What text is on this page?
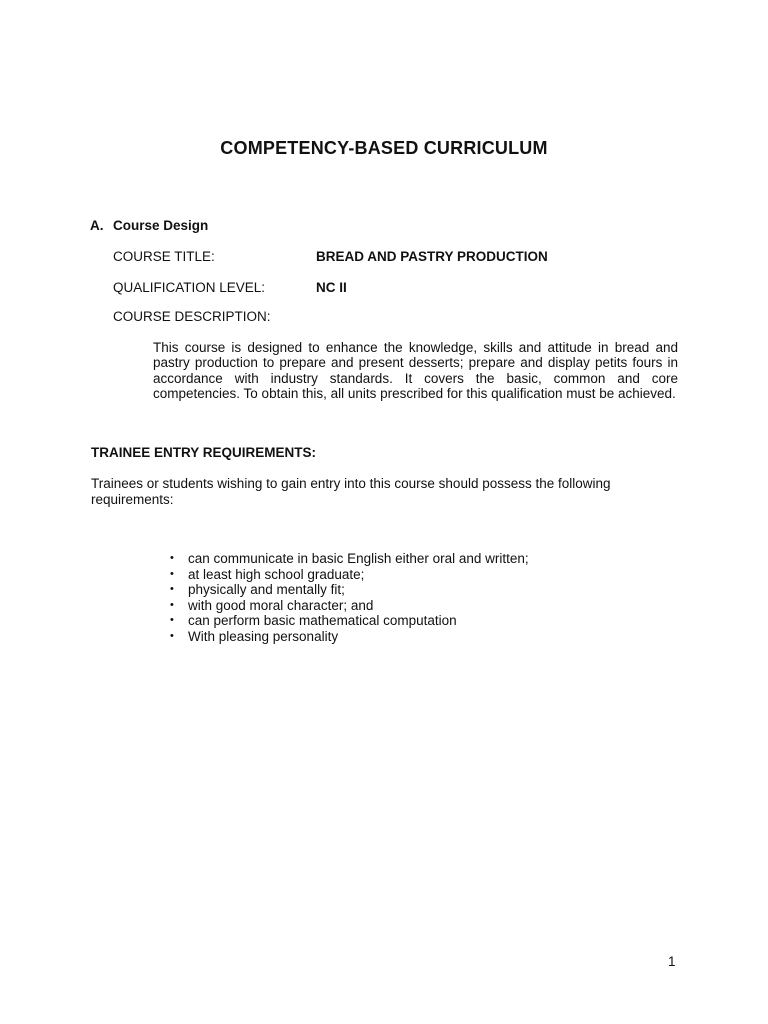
COMPETENCY-BASED CURRICULUM
A. Course Design
COURSE TITLE:	BREAD AND PASTRY PRODUCTION
QUALIFICATION LEVEL:	NC II
COURSE DESCRIPTION:
This course is designed to enhance the knowledge, skills and attitude in bread and pastry production to prepare and present desserts; prepare and display petits fours in accordance with industry standards. It covers the basic, common and core competencies. To obtain this, all units prescribed for this qualification must be achieved.
TRAINEE ENTRY REQUIREMENTS:
Trainees or students wishing to gain entry into this course should possess the following requirements:
• can communicate in basic English either oral and written;
• at least high school graduate;
• physically and mentally fit;
• with good moral character; and
• can perform basic mathematical computation
• With pleasing personality
1
